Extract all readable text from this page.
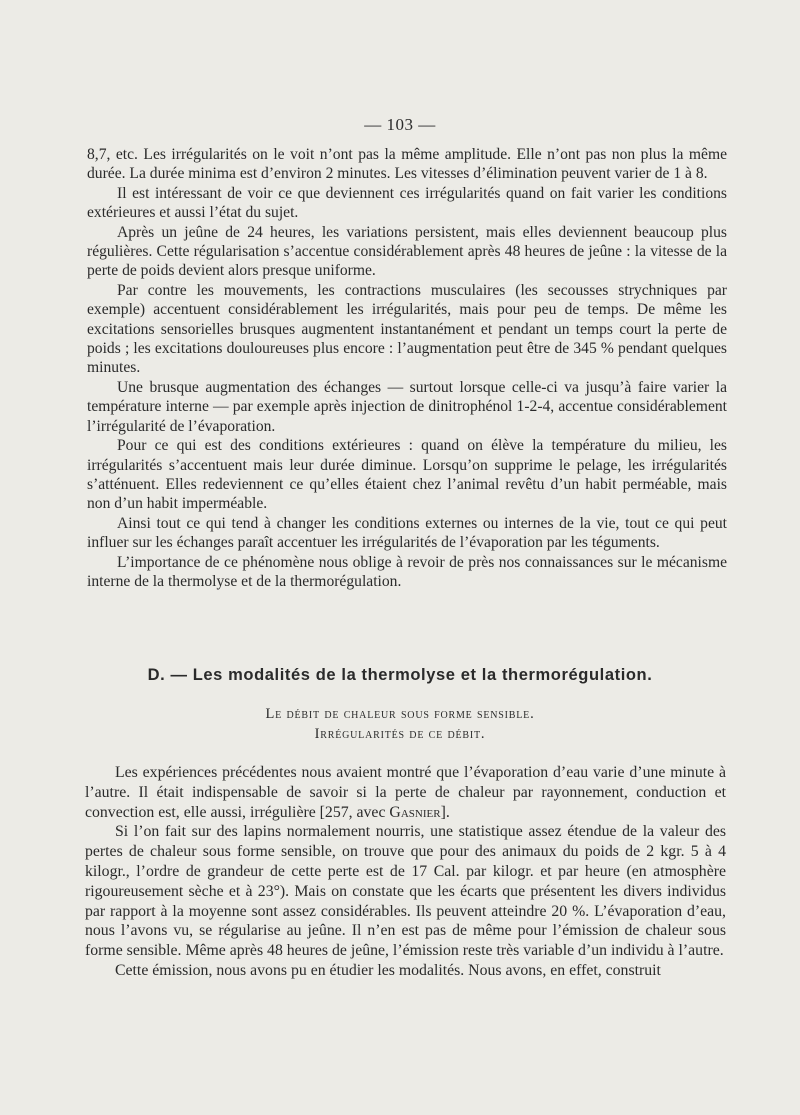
— 103 —

8,7, etc. Les irrégularités on le voit n’ont pas la même amplitude. Elle n’ont pas non plus la même durée. La durée minima est d’environ 2 minutes. Les vitesses d’élimination peuvent varier de 1 à 8.

Il est intéressant de voir ce que deviennent ces irrégularités quand on fait varier les conditions extérieures et aussi l’état du sujet.

Après un jeûne de 24 heures, les variations persistent, mais elles deviennent beaucoup plus régulières. Cette régularisation s’accentue considérablement après 48 heures de jeûne : la vitesse de la perte de poids devient alors presque uniforme.

Par contre les mouvements, les contractions musculaires (les secousses strychniques par exemple) accentuent considérablement les irrégularités, mais pour peu de temps. De même les excitations sensorielles brusques augmentent instantanément et pendant un temps court la perte de poids ; les excitations douloureuses plus encore : l’augmentation peut être de 345 % pendant quelques minutes.

Une brusque augmentation des échanges — surtout lorsque celle-ci va jusqu’à faire varier la température interne — par exemple après injection de dinitrophénol 1-2-4, accentue considérablement l’irrégularité de l’évaporation.

Pour ce qui est des conditions extérieures : quand on élève la température du milieu, les irrégularités s’accentuent mais leur durée diminue. Lorsqu’on supprime le pelage, les irrégularités s’atténuent. Elles redeviennent ce qu’elles étaient chez l’animal revêtu d’un habit perméable, mais non d’un habit imperméable.

Ainsi tout ce qui tend à changer les conditions externes ou internes de la vie, tout ce qui peut influer sur les échanges paraît accentuer les irrégularités de l’évaporation par les téguments.

L’importance de ce phénomène nous oblige à revoir de près nos connaissances sur le mécanisme interne de la thermolyse et de la thermorégulation.

D. — Les modalités de la thermolyse et la thermorégulation.
Le débit de chaleur sous forme sensible.
Irrégularités de ce débit.

Les expériences précédentes nous avaient montré que l’évaporation d’eau varie d’une minute à l’autre. Il était indispensable de savoir si la perte de chaleur par rayonnement, conduction et convection est, elle aussi, irrégulière [257, avec Gasnier].

Si l’on fait sur des lapins normalement nourris, une statistique assez étendue de la valeur des pertes de chaleur sous forme sensible, on trouve que pour des animaux du poids de 2 kgr. 5 à 4 kilogr., l’ordre de grandeur de cette perte est de 17 Cal. par kilogr. et par heure (en atmosphère rigoureusement sèche et à 23°). Mais on constate que les écarts que présentent les divers individus par rapport à la moyenne sont assez considérables. Ils peuvent atteindre 20 %. L’évaporation d’eau, nous l’avons vu, se régularise au jeûne. Il n’en est pas de même pour l’émission de chaleur sous forme sensible. Même après 48 heures de jeûne, l’émission reste très variable d’un individu à l’autre.

Cette émission, nous avons pu en étudier les modalités. Nous avons, en effet, construit
